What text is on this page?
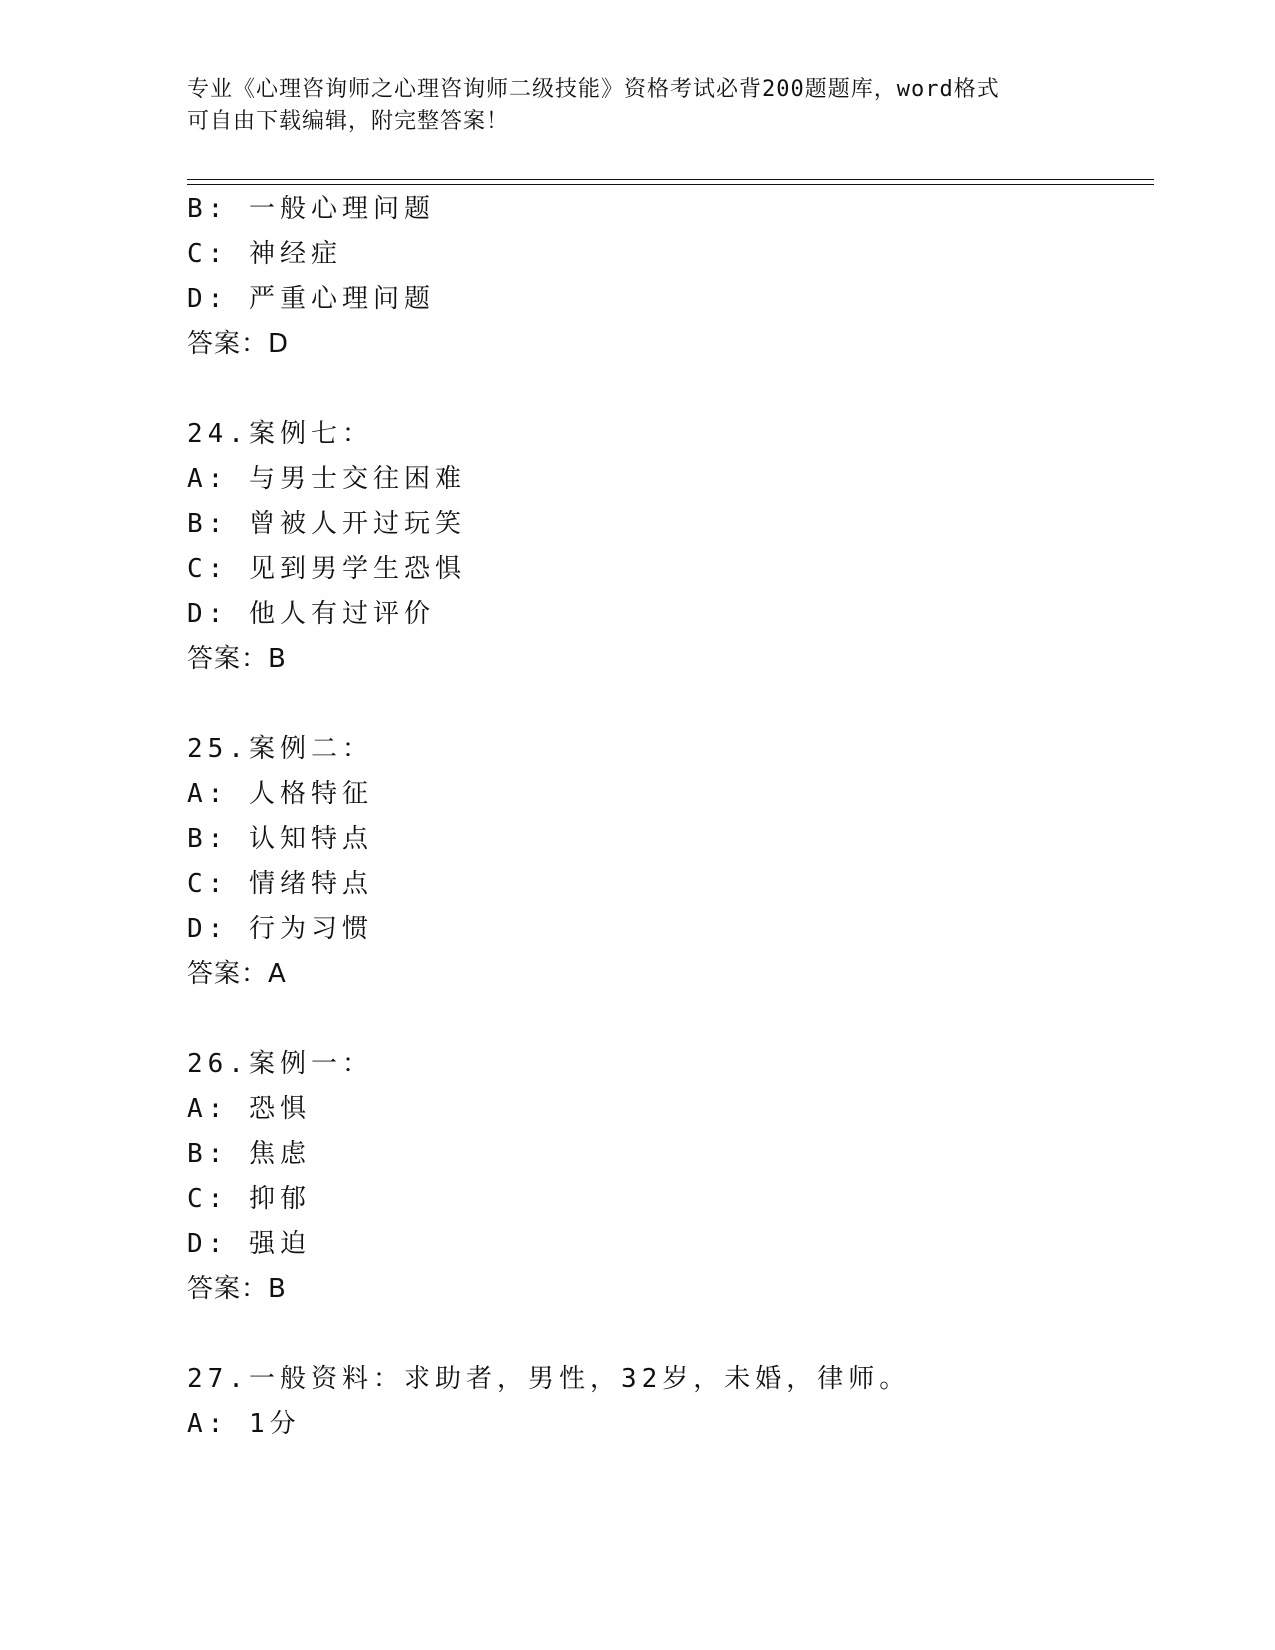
专业《心理咨询师之心理咨询师二级技能》资格考试必背200题题库，word格式
可自由下载编辑，附完整答案！
B: 一般心理问题
C: 神经症
D: 严重心理问题
答案：D
24.案例七：
A: 与男士交往困难
B: 曾被人开过玩笑
C: 见到男学生恐惧
D: 他人有过评价
答案：B
25.案例二：
A: 人格特征
B: 认知特点
C: 情绪特点
D: 行为习惯
答案：A
26.案例一：
A: 恐惧
B: 焦虑
C: 抑郁
D: 强迫
答案：B
27.一般资料：求助者，男性，32岁，未婚，律师。
A: 1分
